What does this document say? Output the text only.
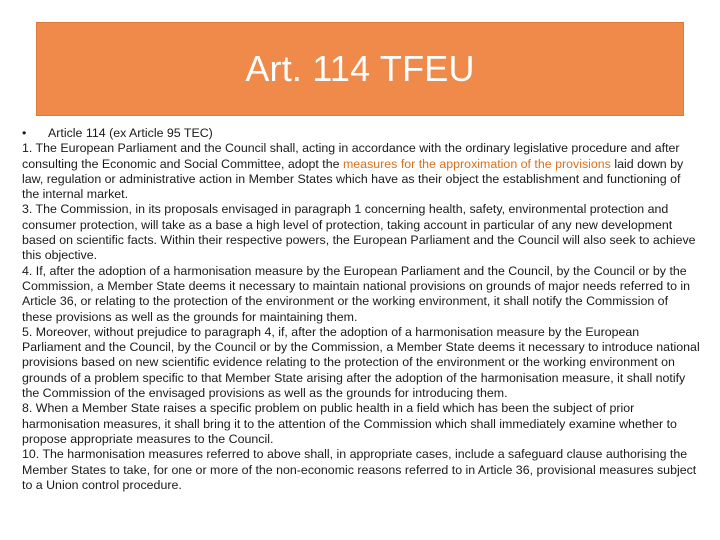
Art. 114 TFEU

•	Article 114 (ex Article 95 TEC)

1. The European Parliament and the Council shall, acting in accordance with the ordinary legislative procedure and after consulting the Economic and Social Committee, adopt the measures for the approximation of the provisions laid down by law, regulation or administrative action in Member States which have as their object the establishment and functioning of the internal market.

3. The Commission, in its proposals envisaged in paragraph 1 concerning health, safety, environmental protection and consumer protection, will take as a base a high level of protection, taking account in particular of any new development based on scientific facts. Within their respective powers, the European Parliament and the Council will also seek to achieve this objective.

4. If, after the adoption of a harmonisation measure by the European Parliament and the Council, by the Council or by the Commission, a Member State deems it necessary to maintain national provisions on grounds of major needs referred to in Article 36, or relating to the protection of the environment or the working environment, it shall notify the Commission of these provisions as well as the grounds for maintaining them.

5. Moreover, without prejudice to paragraph 4, if, after the adoption of a harmonisation measure by the European Parliament and the Council, by the Council or by the Commission, a Member State deems it necessary to introduce national provisions based on new scientific evidence relating to the protection of the environment or the working environment on grounds of a problem specific to that Member State arising after the adoption of the harmonisation measure, it shall notify the Commission of the envisaged provisions as well as the grounds for introducing them.

8. When a Member State raises a specific problem on public health in a field which has been the subject of prior harmonisation measures, it shall bring it to the attention of the Commission which shall immediately examine whether to propose appropriate measures to the Council.

10. The harmonisation measures referred to above shall, in appropriate cases, include a safeguard clause authorising the Member States to take, for one or more of the non-economic reasons referred to in Article 36, provisional measures subject to a Union control procedure.
